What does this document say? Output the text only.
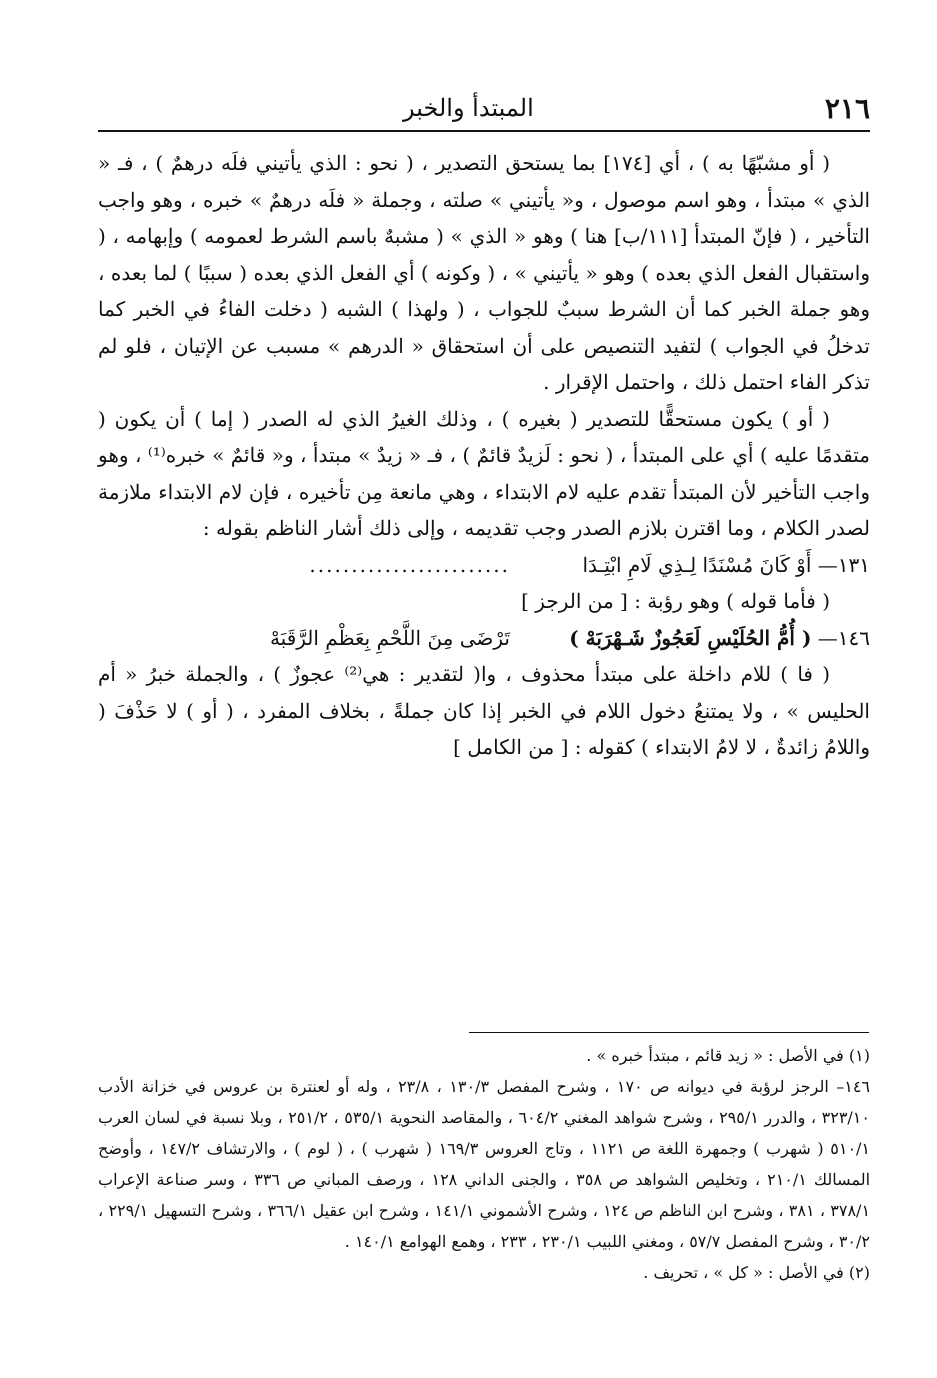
٢١٦
المبتدأ والخبر

( أو مشبّهًا به ) ، أي [١٧٤] بما يستحق التصدير ، ( نحو : الذي يأتيني فلَه درهمٌ ) ، فـ « الذي » مبتدأ ، وهو اسم موصول ، و« يأتيني » صلته ، وجملة « فلَه درهمٌ » خبره ، وهو واجب التأخير ، ( فإنّ المبتدأ [١١١/ب] هنا ) وهو « الذي » ( مشبهٌ باسم الشرط لعمومه ) وإبهامه ، ( واستقبال الفعل الذي بعده ) وهو « يأتيني » ، ( وكونه ) أي الفعل الذي بعده ( سببًا ) لما بعده ، وهو جملة الخبر كما أن الشرط سببٌ للجواب ، ( ولهذا ) الشبه ( دخلت الفاءُ في الخبر كما تدخلُ في الجواب ) لتفيد التنصيص على أن استحقاق « الدرهم » مسبب عن الإتيان ، فلو لم تذكر الفاء احتمل ذلك ، واحتمل الإقرار .

( أو ) يكون مستحقًّا للتصدير ( بغيره ) ، وذلك الغيرُ الذي له الصدر ( إما ) أن يكون ( متقدمًا عليه ) أي على المبتدأ ، ( نحو : لَزيدٌ قائمٌ ) ، فـ « زيدٌ » مبتدأ ، و« قائمٌ » خبره⁽¹⁾ ، وهو واجب التأخير لأن المبتدأ تقدم عليه لام الابتداء ، وهي مانعة مِن تأخيره ، فإن لام الابتداء ملازمة لصدر الكلام ، وما اقترن بلازم الصدر وجب تقديمه ، وإلى ذلك أشار الناظم بقوله :

١٣١— أَوْ كَانَ مُسْنَدًا لِـذِي لَامِ ابْتِـدَا
........................

( فأما قوله ) وهو رؤبة : [ من الرجز ]

١٤٦— ( أُمُّ الحُلَيْسِ لَعَجُوزٌ شَـهْرَبَهْ )
تَرْضَى مِنَ اللَّحْمِ بِعَظْمِ الرَّقَبَهْ

( فا ) للام داخلة على مبتدأ محذوف ، وا( لتقدير : هي⁽²⁾ عجوزٌ ) ، والجملة خبرُ « أم الحليس » ، ولا يمتنعُ دخول اللام في الخبر إذا كان جملةً ، بخلاف المفرد ، ( أو ) لا حَذْفَ ( واللامُ زائدةٌ ، لا لامُ الابتداء ) كقوله : [ من الكامل ]

(١) في الأصل : « زيد قائم ، مبتدأ خبره » .

١٤٦– الرجز لرؤبة في ديوانه ص ١٧٠ ، وشرح المفصل ١٣٠/٣ ، ٢٣/٨ ، وله أو لعنترة بن عروس في خزانة الأدب ٣٢٣/١٠ ، والدرر ٢٩٥/١ ، وشرح شواهد المغني ٦٠٤/٢ ، والمقاصد النحوية ٥٣٥/١ ، ٢٥١/٢ ، وبلا نسبة في لسان العرب ٥١٠/١ ( شهرب ) وجمهرة اللغة ص ١١٢١ ، وتاج العروس ١٦٩/٣ ( شهرب ) ، ( لوم ) ، والارتشاف ١٤٧/٢ ، وأوضح المسالك ٢١٠/١ ، وتخليص الشواهد ص ٣٥٨ ، والجنى الداني ١٢٨ ، ورصف المباني ص ٣٣٦ ، وسر صناعة الإعراب ٣٧٨/١ ، ٣٨١ ، وشرح ابن الناظم ص ١٢٤ ، وشرح الأشموني ١٤١/١ ، وشرح ابن عقيل ٣٦٦/١ ، وشرح التسهيل ٢٢٩/١ ، ٣٠/٢ ، وشرح المفصل ٥٧/٧ ، ومغني اللبيب ٢٣٠/١ ، ٢٣٣ ، وهمع الهوامع ١٤٠/١ .

(٢) في الأصل : « كل » ، تحريف .
